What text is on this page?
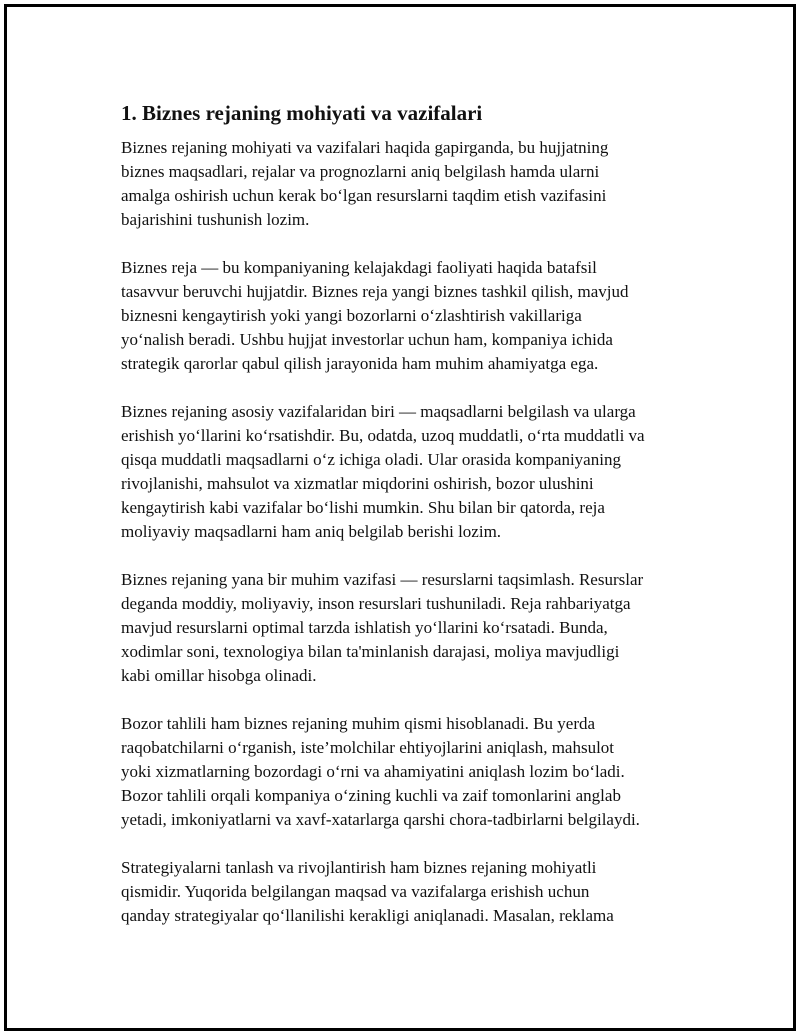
1. Biznes rejaning mohiyati va vazifalari

Biznes rejaning mohiyati va vazifalari haqida gapirganda, bu hujjatning
biznes maqsadlari, rejalar va prognozlarni aniq belgilash hamda ularni
amalga oshirish uchun kerak bo‘lgan resurslarni taqdim etish vazifasini
bajarishini tushunish lozim.

Biznes reja — bu kompaniyaning kelajakdagi faoliyati haqida batafsil
tasavvur beruvchi hujjatdir. Biznes reja yangi biznes tashkil qilish, mavjud
biznesni kengaytirish yoki yangi bozorlarni o‘zlashtirish vakillariga
yo‘nalish beradi. Ushbu hujjat investorlar uchun ham, kompaniya ichida
strategik qarorlar qabul qilish jarayonida ham muhim ahamiyatga ega.

Biznes rejaning asosiy vazifalaridan biri — maqsadlarni belgilash va ularga
erishish yo‘llarini ko‘rsatishdir. Bu, odatda, uzoq muddatli, o‘rta muddatli va
qisqa muddatli maqsadlarni o‘z ichiga oladi. Ular orasida kompaniyaning
rivojlanishi, mahsulot va xizmatlar miqdorini oshirish, bozor ulushini
kengaytirish kabi vazifalar bo‘lishi mumkin. Shu bilan bir qatorda, reja
moliyaviy maqsadlarni ham aniq belgilab berishi lozim.

Biznes rejaning yana bir muhim vazifasi — resurslarni taqsimlash. Resurslar
deganda moddiy, moliyaviy, inson resurslari tushuniladi. Reja rahbariyatga
mavjud resurslarni optimal tarzda ishlatish yo‘llarini ko‘rsatadi. Bunda,
xodimlar soni, texnologiya bilan ta'minlanish darajasi, moliya mavjudligi
kabi omillar hisobga olinadi.

Bozor tahlili ham biznes rejaning muhim qismi hisoblanadi. Bu yerda
raqobatchilarni o‘rganish, iste’molchilar ehtiyojlarini aniqlash, mahsulot
yoki xizmatlarning bozordagi o‘rni va ahamiyatini aniqlash lozim bo‘ladi.
Bozor tahlili orqali kompaniya o‘zining kuchli va zaif tomonlarini anglab
yetadi, imkoniyatlarni va xavf-xatarlarga qarshi chora-tadbirlarni belgilaydi.

Strategiyalarni tanlash va rivojlantirish ham biznes rejaning mohiyatli
qismidir. Yuqorida belgilangan maqsad va vazifalarga erishish uchun
qanday strategiyalar qo‘llanilishi kerakligi aniqlanadi. Masalan, reklama
